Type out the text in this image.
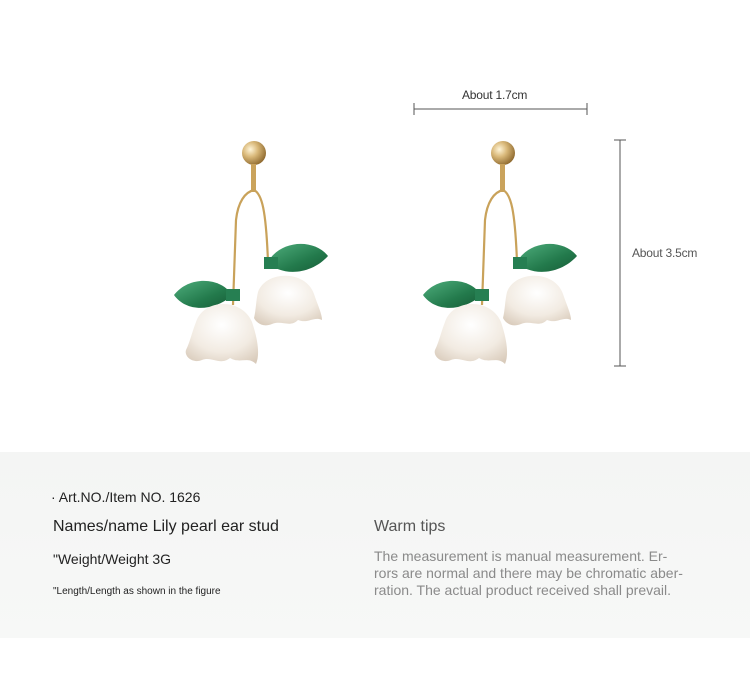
About 1.7cm
About 3.5cm
· Art.NO./Item NO. 1626
Names/name Lily pearl ear stud
"Weight/Weight 3G
"Length/Length as shown in the figure
Warm tips
The measurement is manual measurement. Er-
rors are normal and there may be chromatic aber-
ration. The actual product received shall prevail.
